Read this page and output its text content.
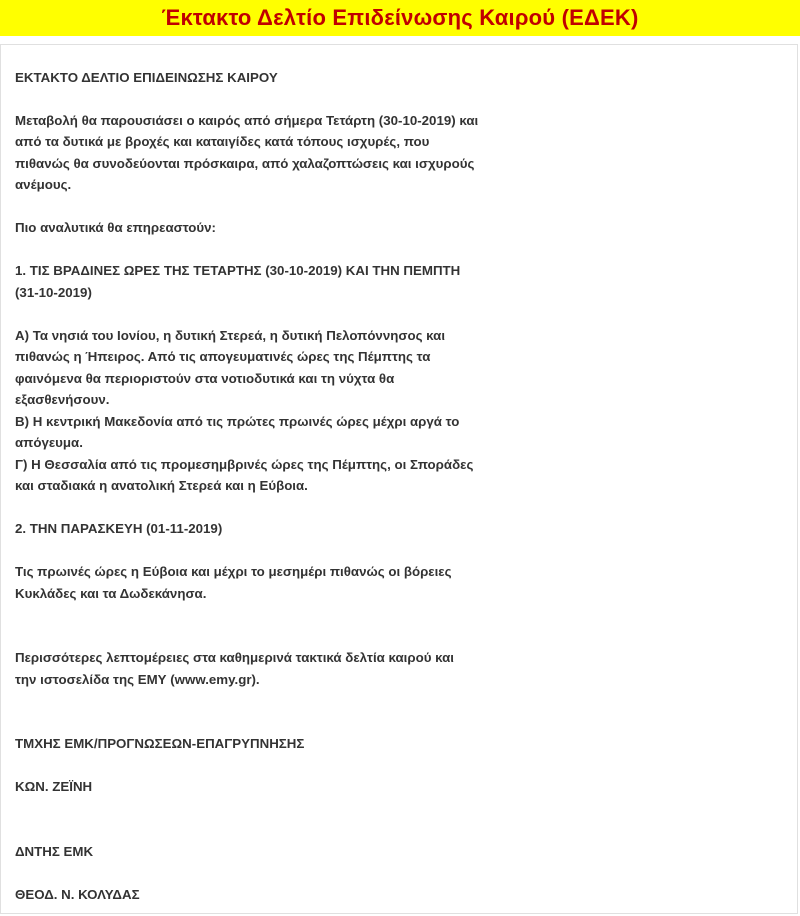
Έκτακτο Δελτίο Επιδείνωσης Καιρού (ΕΔΕΚ)
ΕΚΤΑΚΤΟ ΔΕΛΤΙΟ ΕΠΙΔΕΙΝΩΣΗΣ ΚΑΙΡΟΥ
Μεταβολή θα παρουσιάσει ο καιρός από σήμερα Τετάρτη (30-10-2019) και
από τα δυτικά με βροχές και καταιγίδες κατά τόπους ισχυρές, που
πιθανώς θα συνοδεύονται πρόσκαιρα, από χαλαζοπτώσεις και ισχυρούς
ανέμους.
Πιο αναλυτικά θα επηρεαστούν:
1. ΤΙΣ ΒΡΑΔΙΝΕΣ ΩΡΕΣ ΤΗΣ ΤΕΤΑΡΤΗΣ (30-10-2019) ΚΑΙ ΤΗΝ ΠΕΜΠΤΗ
(31-10-2019)
Α) Τα νησιά του Ιονίου, η δυτική Στερεά, η δυτική Πελοπόννησος και
πιθανώς η Ήπειρος. Από τις απογευματινές ώρες της Πέμπτης τα
φαινόμενα θα περιοριστούν στα νοτιοδυτικά και τη νύχτα θα
εξασθενήσουν.
Β) Η κεντρική Μακεδονία από τις πρώτες πρωινές ώρες μέχρι αργά το
απόγευμα.
Γ) Η Θεσσαλία από τις προμεσημβρινές ώρες της Πέμπτης, οι Σποράδες
και σταδιακά η ανατολική Στερεά και η Εύβοια.
2. ΤΗΝ ΠΑΡΑΣΚΕΥΗ (01-11-2019)
Τις πρωινές ώρες η Εύβοια και μέχρι το μεσημέρι πιθανώς οι βόρειες
Κυκλάδες και τα Δωδεκάνησα.
Περισσότερες λεπτομέρειες στα καθημερινά τακτικά δελτία καιρού και
την ιστοσελίδα της ΕΜΥ (www.emy.gr).
ΤΜΧΗΣ ΕΜΚ/ΠΡΟΓΝΩΣΕΩΝ-ΕΠΑΓΡΥΠΝΗΣΗΣ
ΚΩΝ. ΖΕΪΝΗ
ΔΝΤΗΣ ΕΜΚ
ΘΕΟΔ. Ν. ΚΟΛΥΔΑΣ
